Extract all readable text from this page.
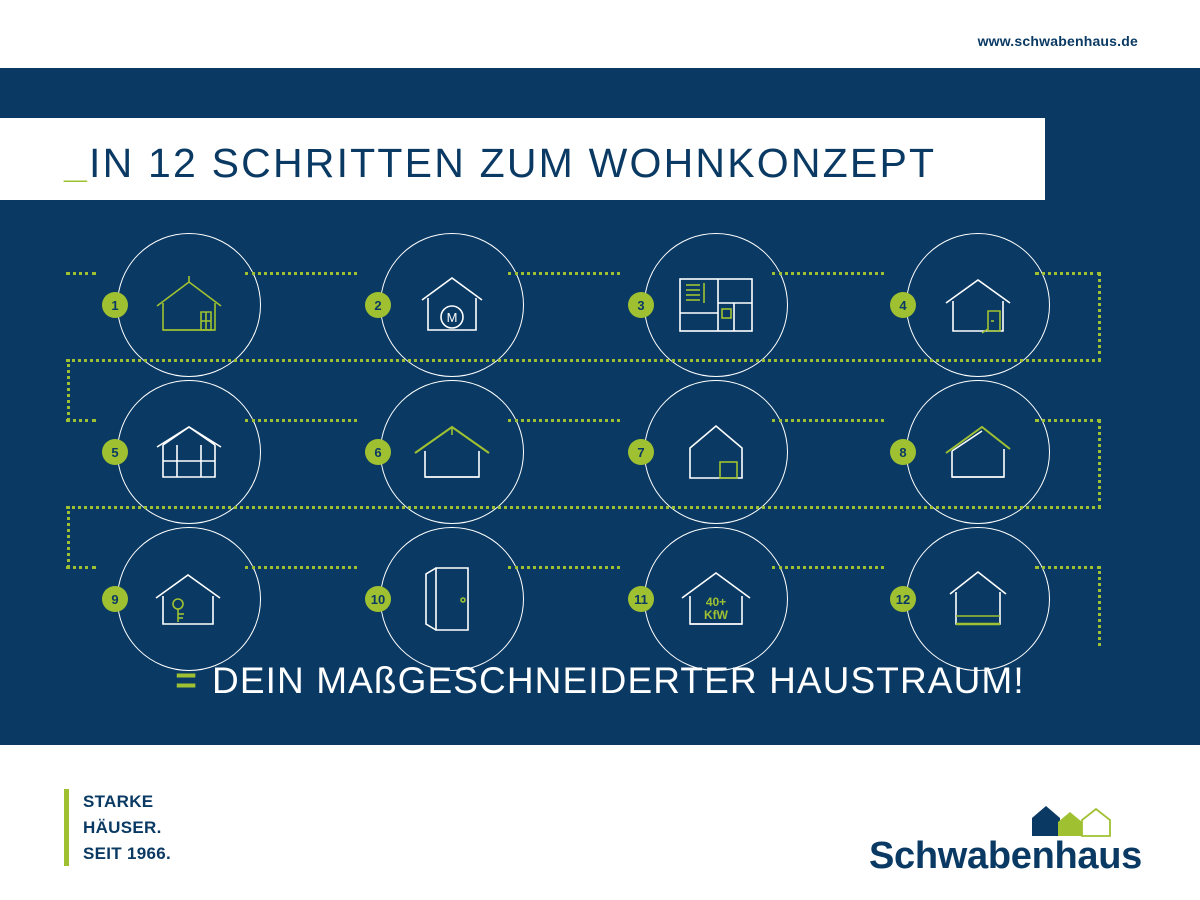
www.schwabenhaus.de
_IN 12 SCHRITTEN ZUM WOHNKONZEPT
1	2
M
3	4
5	6	7	8
9	10	11	40+
KfW
12
= DEIN MAßGESCHNEIDERTER HAUSTRAUM!
STARKE
HÄUSER.
SEIT 1966.	Schwabenhaus
